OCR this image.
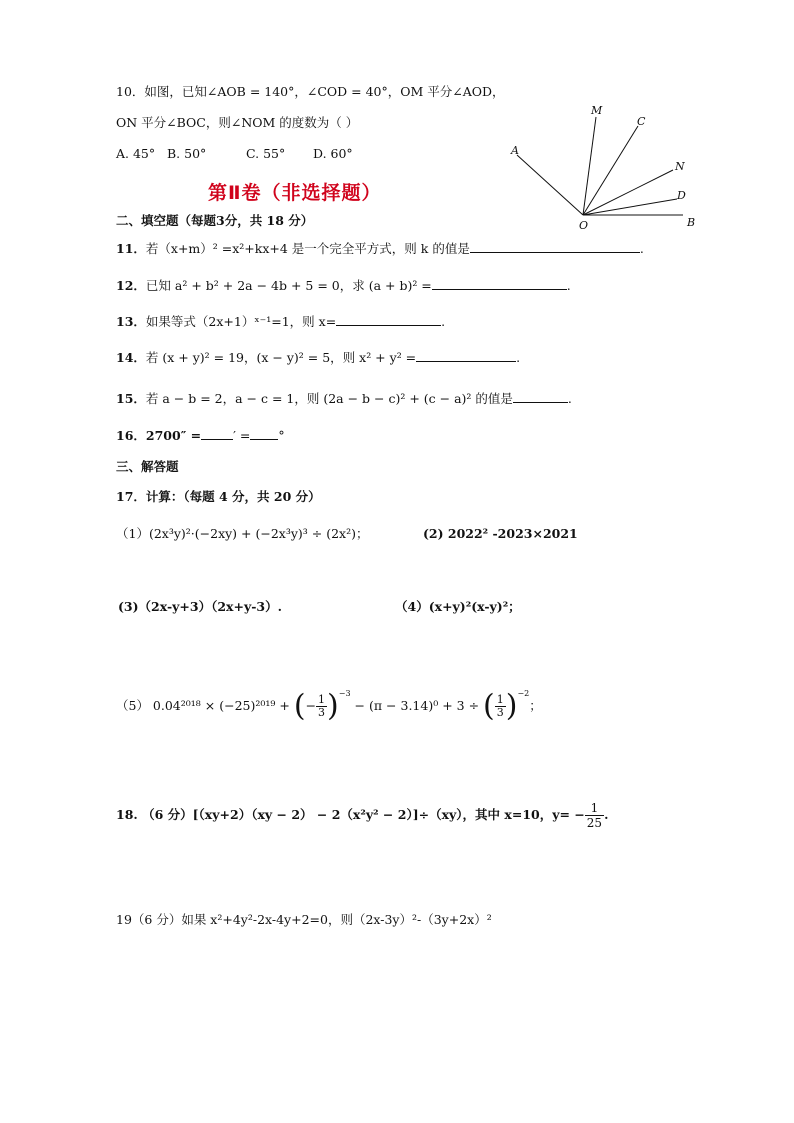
10．如图，已知∠AOB = 140°，∠COD = 40°，OM 平分∠AOD，
ON 平分∠BOC，则∠NOM 的度数为（ ）
A. 45° B. 50°	C. 55° D. 60°
M
C
A
N
D
O	B
第Ⅱ卷（非选择题）
二、填空题（每题3分，共 18 分）
11．若（x+m）² =x²+kx+4 是一个完全平方式，则 k 的值是	.
12．已知 a² + b² + 2a − 4b + 5 = 0，求 (a + b)² =	.
13．如果等式（2x+1）ˣ⁻¹=1，则 x=	.
14．若 (x + y)² = 19，(x − y)² = 5，则 x² + y² =	.
15．若 a − b = 2，a − c = 1，则 (2a − b − c)² + (c − a)² 的值是	.
16．2700″ =	′ = °
三、解答题
17．计算：（每题 4 分，共 20 分）
（1）(2x³y)²·(−2xy) + (−2x³y)³ ÷ (2x²)；	(2) 2022² -2023×2021
(3)（2x-y+3）（2x+y-3）.	（4）(x+y)²(x-y)²；
（5） 0.04²⁰¹⁸ × (−25)²⁰¹⁹ + (− $\frac{1}{3} )^{-3} - (\pi - 3.14)^0 + 3$ ÷ ( $\frac{1}{3} )^{-2}$；
18. （6 分）[（xy+2）（xy − 2） − 2（x²y² − 2）]÷（xy），其中 x=10，$y= - \frac{1}{25}$ .
19（6 分）如果 x²+4y²-2x-4y+2=0，则（2x-3y）²-（3y+2x）²
